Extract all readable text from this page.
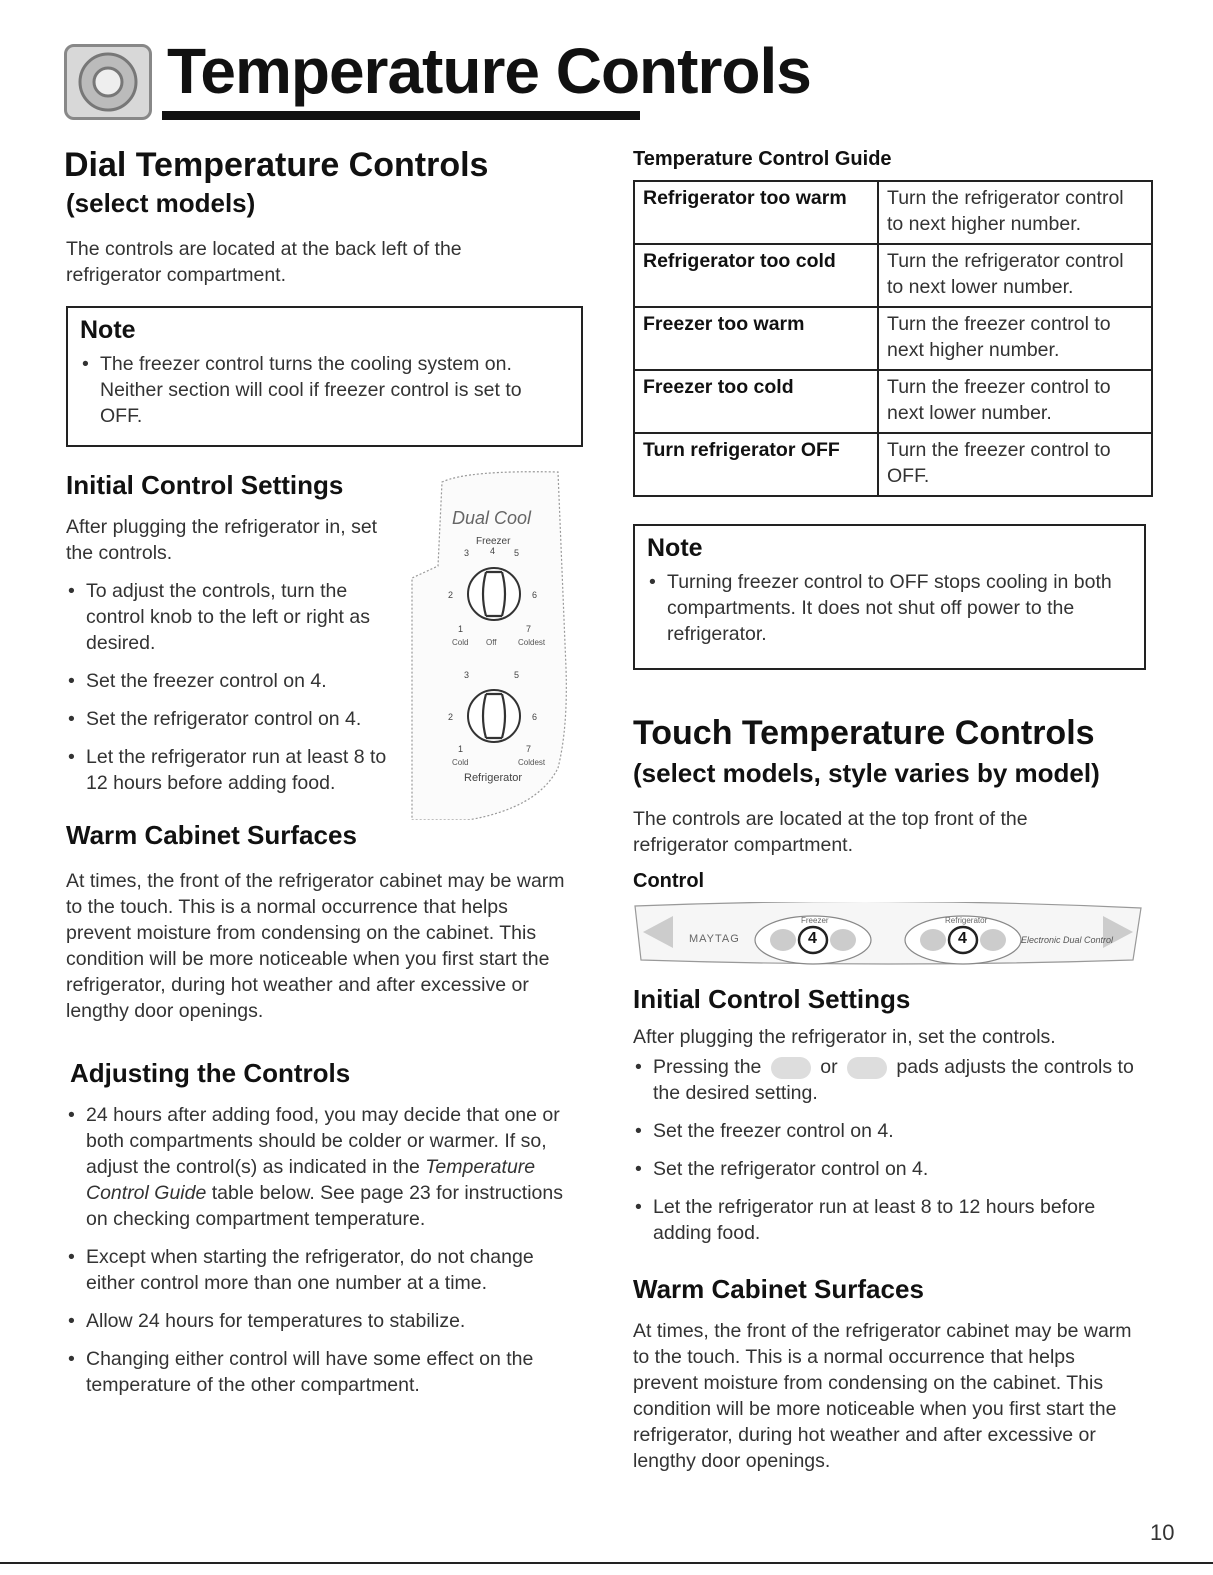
Temperature Controls
Dial Temperature Controls
(select models)

The controls are located at the back left of the refrigerator compartment.

Note
• The freezer control turns the cooling system on. Neither section will cool if freezer control is set to OFF.
Initial Control Settings

After plugging the refrigerator in, set the controls.

• To adjust the controls, turn the control knob to the left or right as desired.
• Set the freezer control on 4.
• Set the refrigerator control on 4.
• Let the refrigerator run at least 8 to 12 hours before adding food.
Dual Cool
Freezer
3 4 5
2	6
1	7
Cold Off	Coldest
3	5
2	6
1	7
Cold	Coldest
Refrigerator
Warm Cabinet Surfaces

At times, the front of the refrigerator cabinet may be warm to the touch. This is a normal occurrence that helps prevent moisture from condensing on the cabinet. This condition will be more noticeable when you first start the refrigerator, during hot weather and after excessive or lengthy door openings.

Adjusting the Controls
• 24 hours after adding food, you may decide that one or both compartments should be colder or warmer. If so, adjust the control(s) as indicated in the Temperature Control Guide table below. See page 23 for instructions on checking compartment temperature.
• Except when starting the refrigerator, do not change either control more than one number at a time.
• Allow 24 hours for temperatures to stabilize.
• Changing either control will have some effect on the temperature of the other compartment.
Temperature Control Guide
Refrigerator too warm	Turn the refrigerator control to next higher number.
Refrigerator too cold	Turn the refrigerator control to next lower number.
Freezer too warm	Turn the freezer control to next higher number.
Freezer too cold	Turn the freezer control to next lower number.
Turn refrigerator OFF	Turn the freezer control to OFF.
Note
• Turning freezer control to OFF stops cooling in both compartments. It does not shut off power to the refrigerator.
Touch Temperature Controls
(select models, style varies by model)

The controls are located at the top front of the refrigerator compartment.

Control
MAYTAG
Freezer
4
Refrigerator
4	Electronic Dual Control
Initial Control Settings

After plugging the refrigerator in, set the controls.

• Pressing the  or  pads adjusts the controls to the desired setting.
• Set the freezer control on 4.
• Set the refrigerator control on 4.
• Let the refrigerator run at least 8 to 12 hours before adding food.
Warm Cabinet Surfaces

At times, the front of the refrigerator cabinet may be warm to the touch. This is a normal occurrence that helps prevent moisture from condensing on the cabinet. This condition will be more noticeable when you first start the refrigerator, during hot weather and after excessive or lengthy door openings.

10
